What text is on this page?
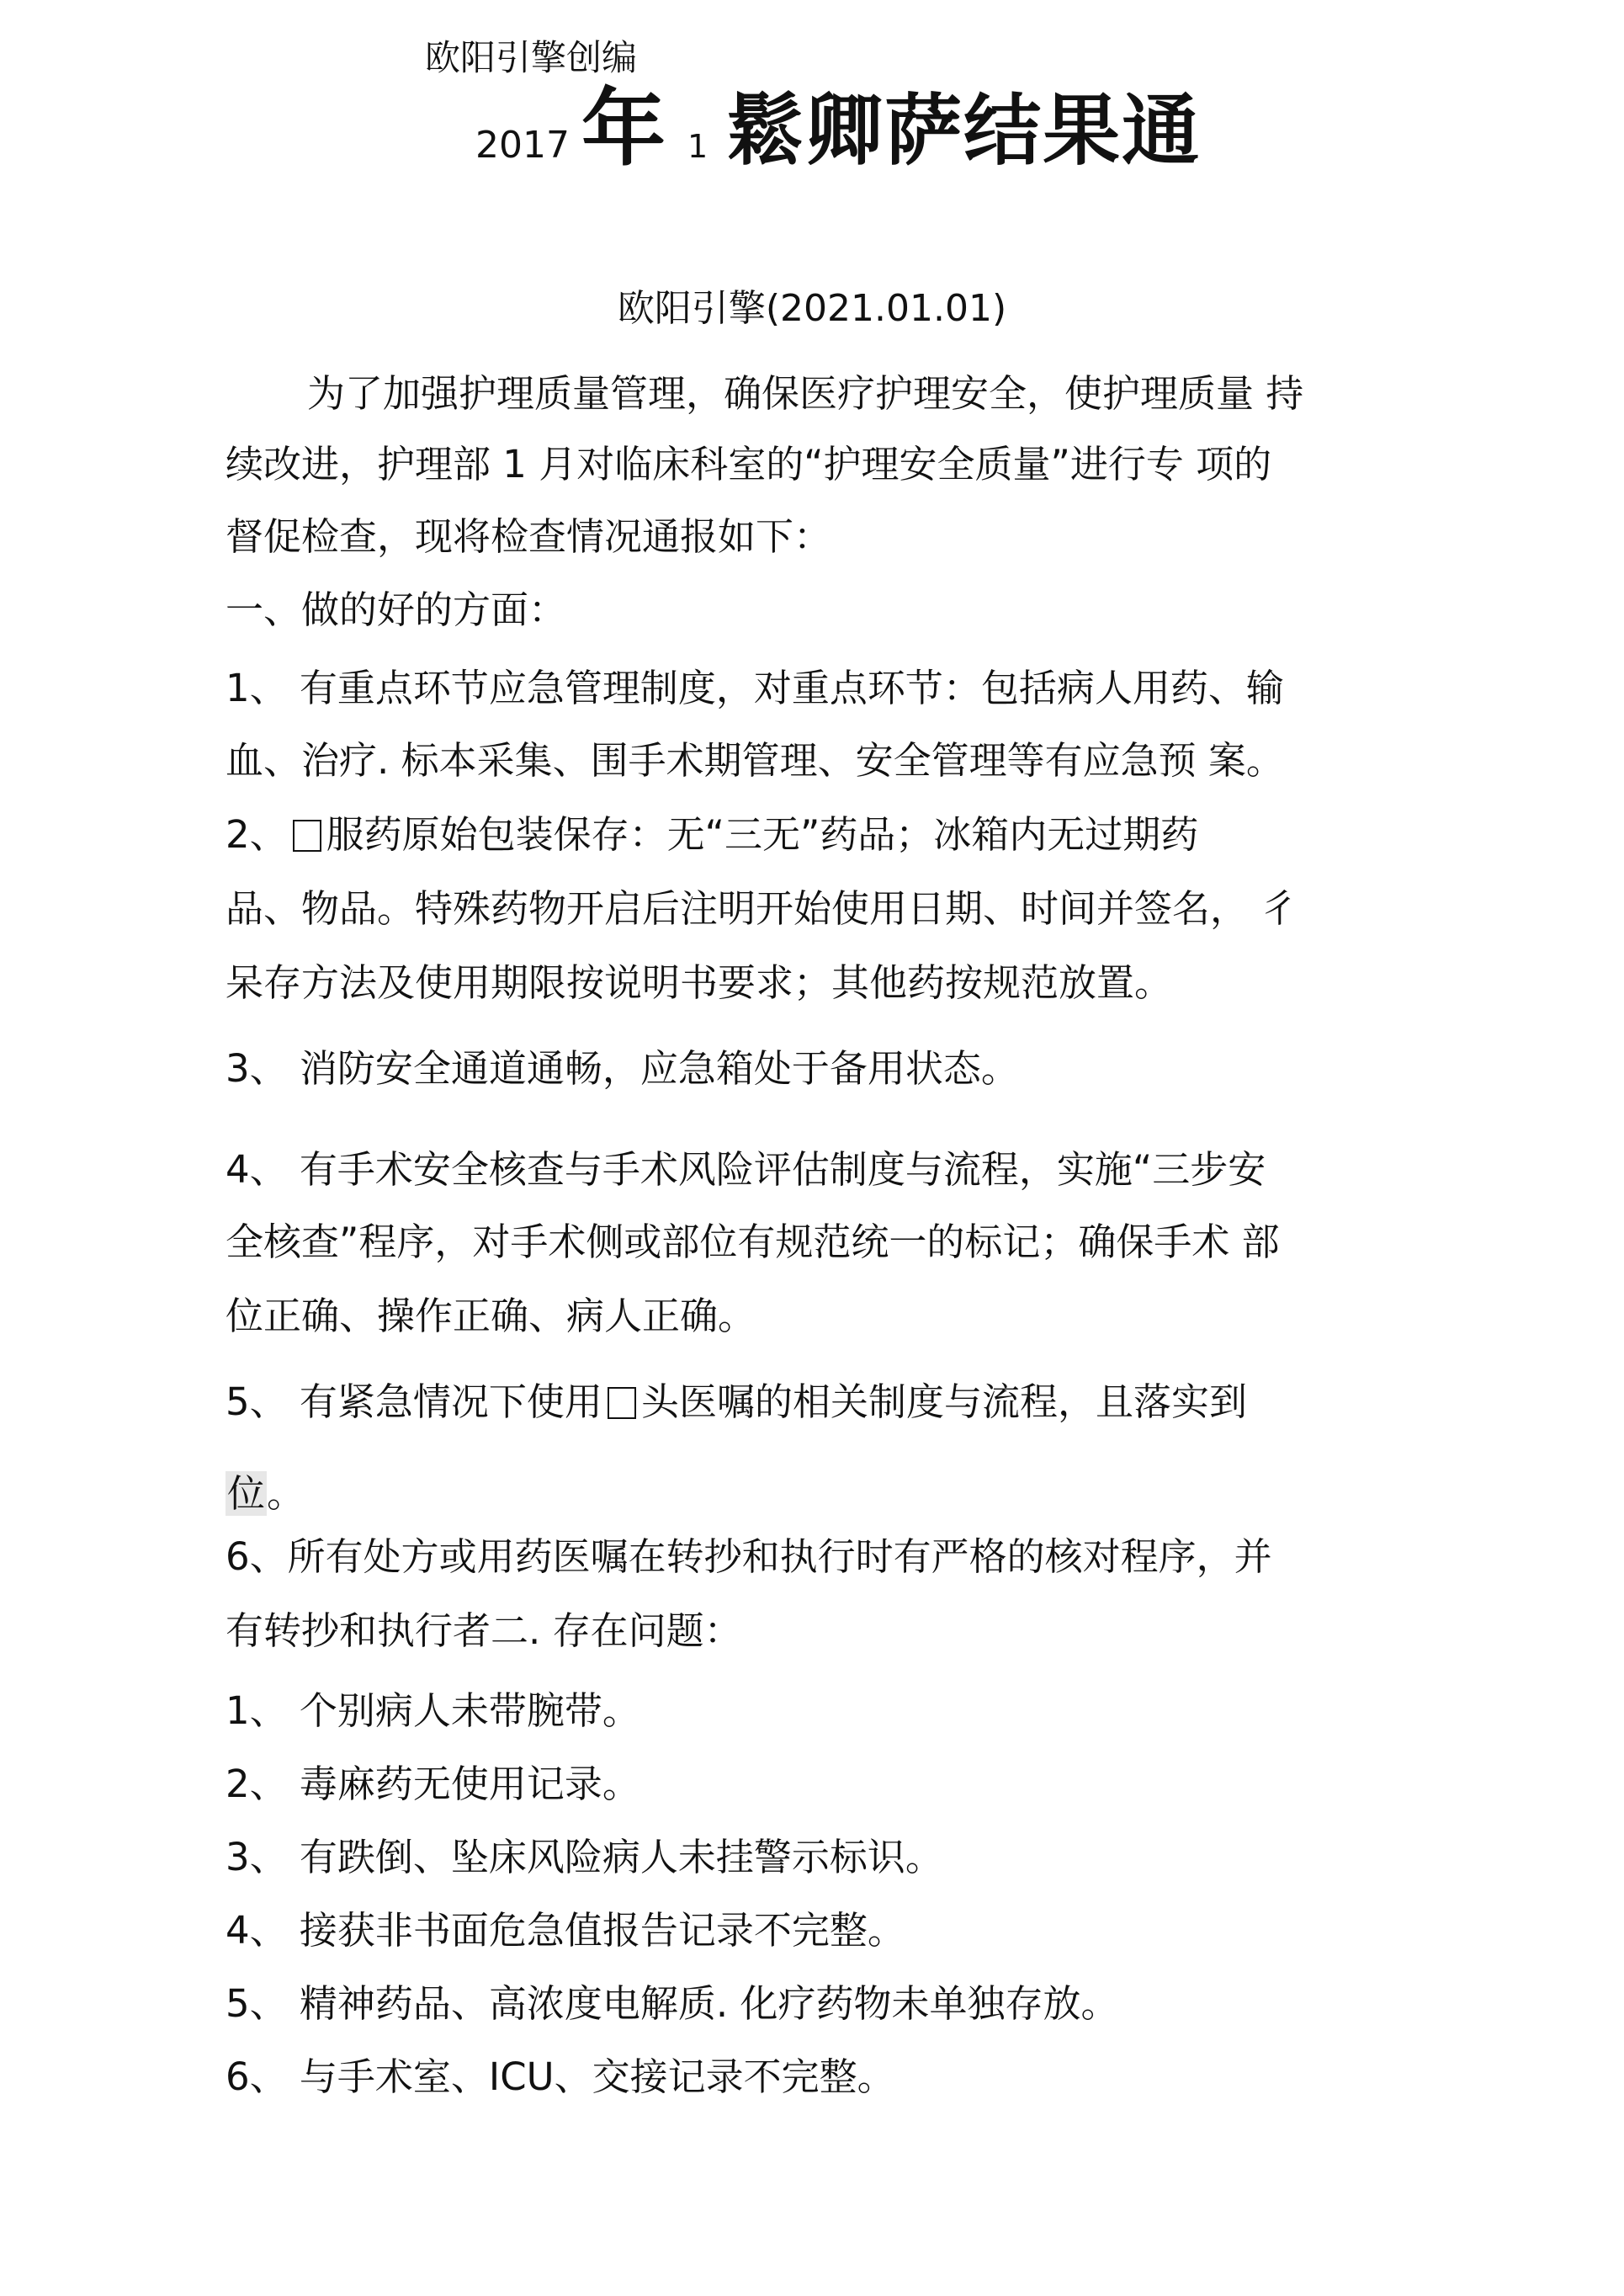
欧阳引擎创编
2017 年 1 鬆卿萨结果通
欧阳引擎(2021.01.01)
为了加强护理质量管理，确保医疗护理安全，使护理质量 持
续改进，护理部 1 月对临床科室的“护理安全质量”进行专 项的
督促检查，现将检查情况通报如下：
一、做的好的方面：
1、 有重点环节应急管理制度，对重点环节：包括病人用药、输
血、治疗. 标本采集、围手术期管理、安全管理等有应急预 案。
2、 服药原始包装保存：无“三无”药品；冰箱内无过期药
品、物品。特殊药物开启后注明开始使用日期、时间并签名， 彳
呆存方法及使用期限按说明书要求；其他药按规范放置。
3、 消防安全通道通畅，应急箱处于备用状态。
4、 有手术安全核查与手术风险评估制度与流程，实施“三步安
全核查”程序，对手术侧或部位有规范统一的标记；确保手术 部
位正确、操作正确、病人正确。
5、 有紧急情况下使用 头医嘱的相关制度与流程，且落实到
位。
6、所有处方或用药医嘱在转抄和执行时有严格的核对程序，并
有转抄和执行者二. 存在问题：
1、 个别病人未带腕带。
2、 毒麻药无使用记录。
3、 有跌倒、坠床风险病人未挂警示标识。
4、 接获非书面危急值报告记录不完整。
5、 精神药品、高浓度电解质. 化疗药物未单独存放。
6、 与手术室、ICU、交接记录不完整。
